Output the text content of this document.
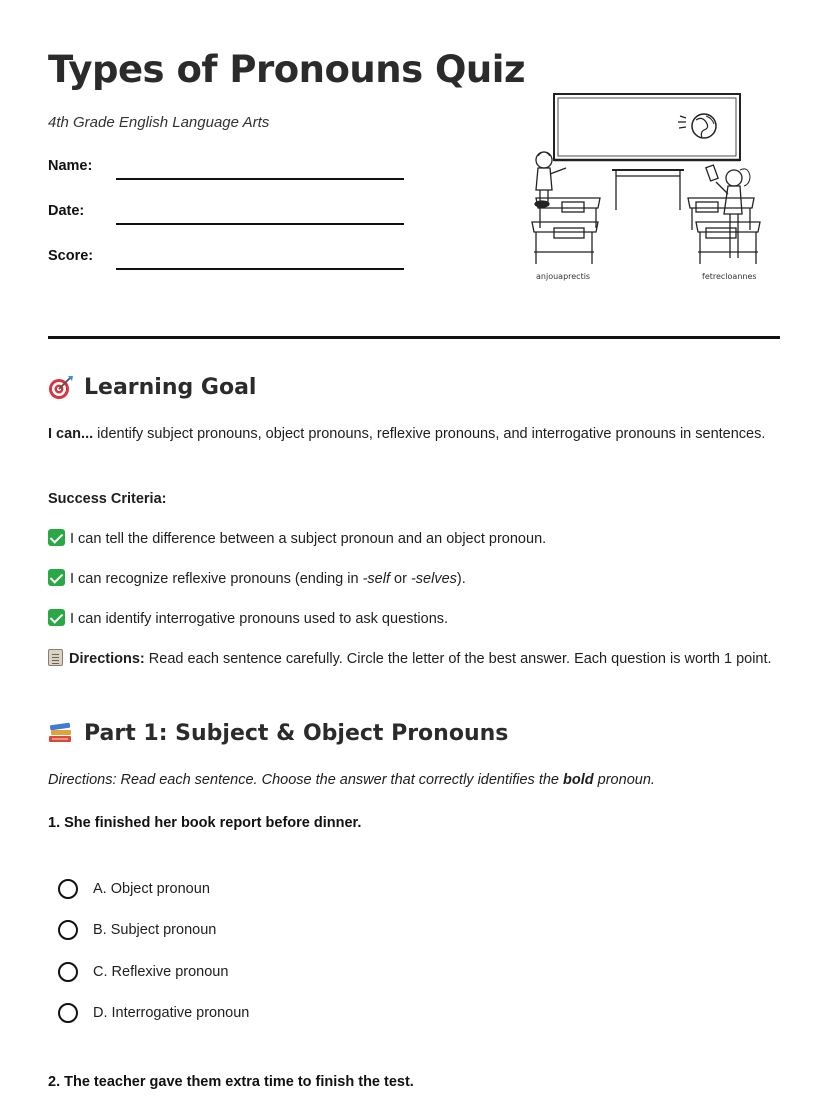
Types of Pronouns Quiz
4th Grade English Language Arts
Name:
Date:
Score:
anjouaprectis	fetrecloannes
Learning Goal
I can... identify subject pronouns, object pronouns, reflexive pronouns, and interrogative pronouns in sentences.
Success Criteria:
I can tell the difference between a subject pronoun and an object pronoun.
I can recognize reflexive pronouns (ending in -self or -selves).
I can identify interrogative pronouns used to ask questions.
Directions: Read each sentence carefully. Circle the letter of the best answer. Each question is worth 1 point.
Part 1: Subject & Object Pronouns
Directions: Read each sentence. Choose the answer that correctly identifies the bold pronoun.
1. She finished her book report before dinner.
A. Object pronoun
B. Subject pronoun
C. Reflexive pronoun
D. Interrogative pronoun
2. The teacher gave them extra time to finish the test.
